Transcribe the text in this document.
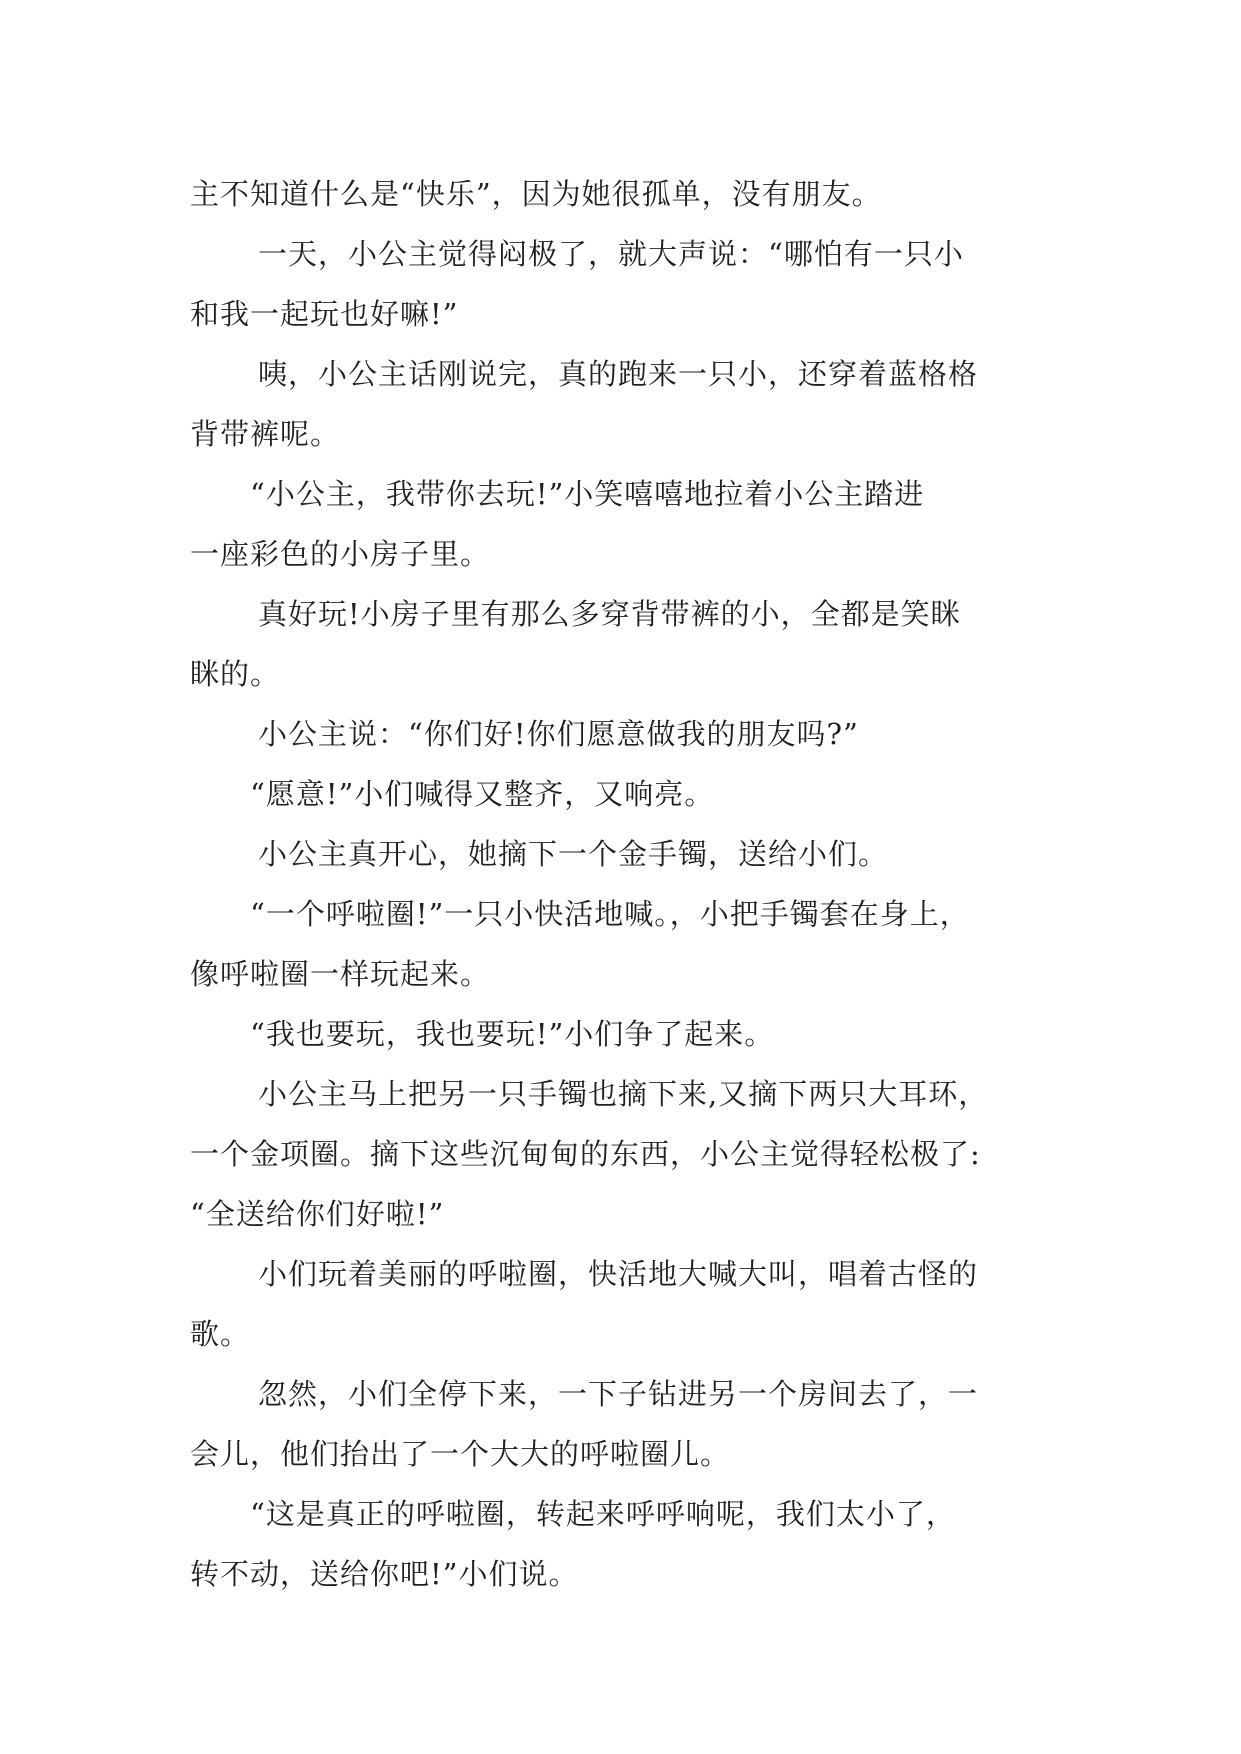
主不知道什么是“快乐”，因为她很孤单，没有朋友。
一天，小公主觉得闷极了，就大声说：“哪怕有一只小
和我一起玩也好嘛!”
咦，小公主话刚说完，真的跑来一只小，还穿着蓝格格
背带裤呢。
“小公主，我带你去玩!”小笑嘻嘻地拉着小公主踏进
一座彩色的小房子里。
真好玩!小房子里有那么多穿背带裤的小，全都是笑眯
眯的。
小公主说：“你们好!你们愿意做我的朋友吗?”
“愿意!”小们喊得又整齐，又响亮。
小公主真开心，她摘下一个金手镯，送给小们。
“一个呼啦圈!”一只小快活地喊。，小把手镯套在身上，
像呼啦圈一样玩起来。
“我也要玩，我也要玩!”小们争了起来。
小公主马上把另一只手镯也摘下来,又摘下两只大耳环，
一个金项圈。摘下这些沉甸甸的东西，小公主觉得轻松极了:
“全送给你们好啦!”
小们玩着美丽的呼啦圈，快活地大喊大叫，唱着古怪的
歌。
忽然，小们全停下来，一下子钻进另一个房间去了，一
会儿，他们抬出了一个大大的呼啦圈儿。
“这是真正的呼啦圈，转起来呼呼响呢，我们太小了，
转不动，送给你吧!”小们说。
